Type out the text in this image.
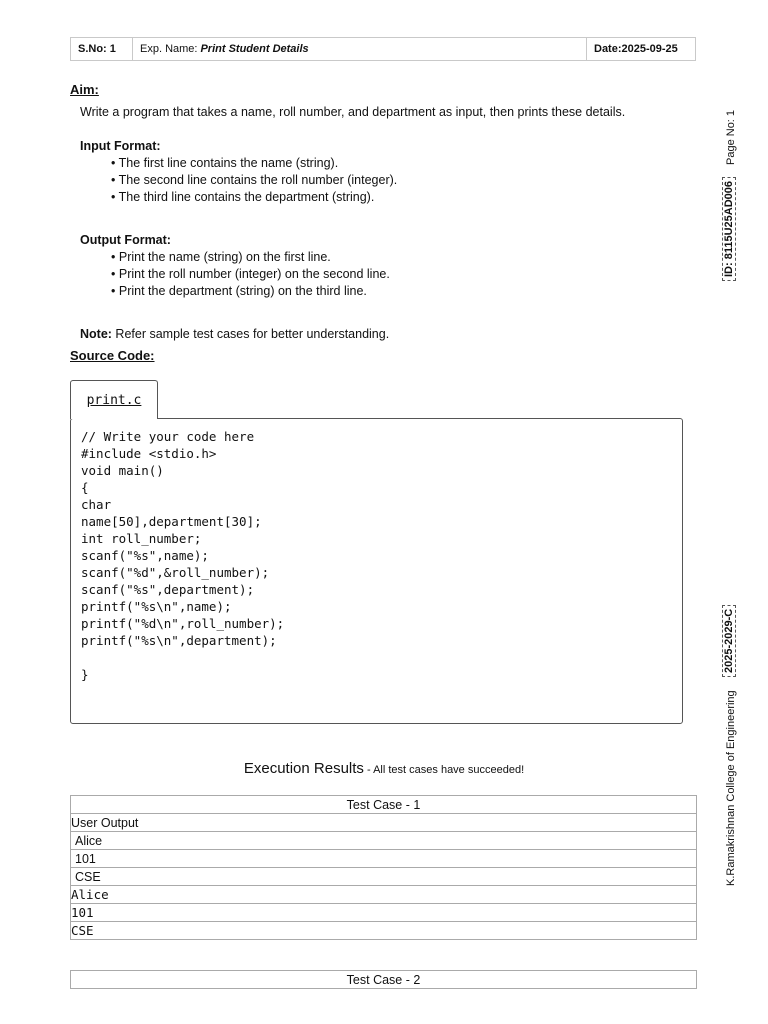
S.No: 1	Exp. Name: Print Student Details	Date:2025-09-25
Page No: 1
ID: 8115U25AD006
2025-2029-C
K.Ramakrishnan College of Engineering
Aim:

Write a program that takes a name, roll number, and department as input, then prints these details.

Input Format:

• The first line contains the name (string).
• The second line contains the roll number (integer).
• The third line contains the department (string).

Output Format:

• Print the name (string) on the first line.
• Print the roll number (integer) on the second line.
• Print the department (string) on the third line.

Note: Refer sample test cases for better understanding.

Source Code:
print.c
// Write your code here
#include <stdio.h>
void main()
{
char
name[50],department[30];
int roll_number;
scanf("%s",name);
scanf("%d",&roll_number);
scanf("%s",department);
printf("%s\n",name);
printf("%d\n",roll_number);
printf("%s\n",department);

}
Execution Results - All test cases have succeeded!
Test Case - 1
User Output
Alice
101
CSE
Alice
101
CSE
Test Case - 2
